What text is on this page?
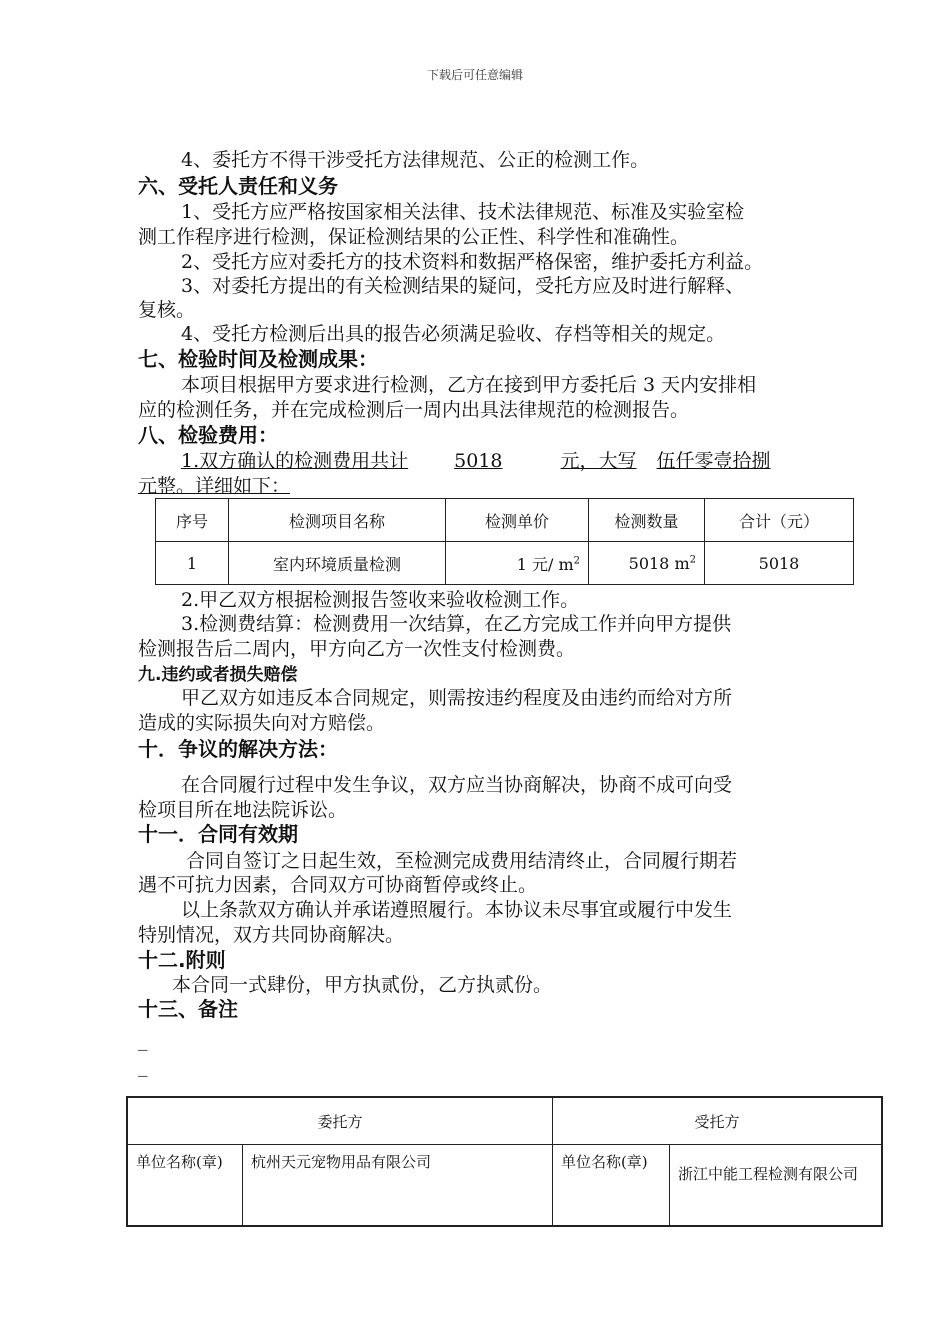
下载后可任意编辑
4、委托方不得干涉受托方法律规范、公正的检测工作。
六、受托人责任和义务
1、受托方应严格按国家相关法律、技术法律规范、标准及实验室检
测工作程序进行检测，保证检测结果的公正性、科学性和准确性。
2、受托方应对委托方的技术资料和数据严格保密，维护委托方利益。
3、对委托方提出的有关检测结果的疑问，受托方应及时进行解释、
复核。
4、受托方检测后出具的报告必须满足验收、存档等相关的规定。
七、检验时间及检测成果：
本项目根据甲方要求进行检测，乙方在接到甲方委托后 3 天内安排相
应的检测任务，并在完成检测后一周内出具法律规范的检测报告。
八、检验费用：
1.双方确认的检测费用共计 5018	元，大写 伍仟零壹拾捌
元整。详细如下：
序号	检测项目名称	检测单价	检测数量	合计（元）
1	室内环境质量检测	1 元/ $m^2$	5018 $m^2$	5018
2.甲乙双方根据检测报告签收来验收检测工作。
3.检测费结算：检测费用一次结算，在乙方完成工作并向甲方提供
检测报告后二周内，甲方向乙方一次性支付检测费。
九.违约或者损失赔偿
甲乙双方如违反本合同规定，则需按违约程度及由违约而给对方所
造成的实际损失向对方赔偿。
十．争议的解决方法：
在合同履行过程中发生争议，双方应当协商解决，协商不成可向受
检项目所在地法院诉讼。
十一．合同有效期
合同自签订之日起生效，至检测完成费用结清终止，合同履行期若
遇不可抗力因素，合同双方可协商暂停或终止。
以上条款双方确认并承诺遵照履行。本协议未尽事宜或履行中发生
特别情况，双方共同协商解决。
十二.附则
本合同一式肆份，甲方执贰份，乙方执贰份。
十三、备注
_
_
委托方		受托方	
单位名称(章)	杭州天元宠物用品有限公司	单位名称(章)	浙江中能工程检测有限公司
